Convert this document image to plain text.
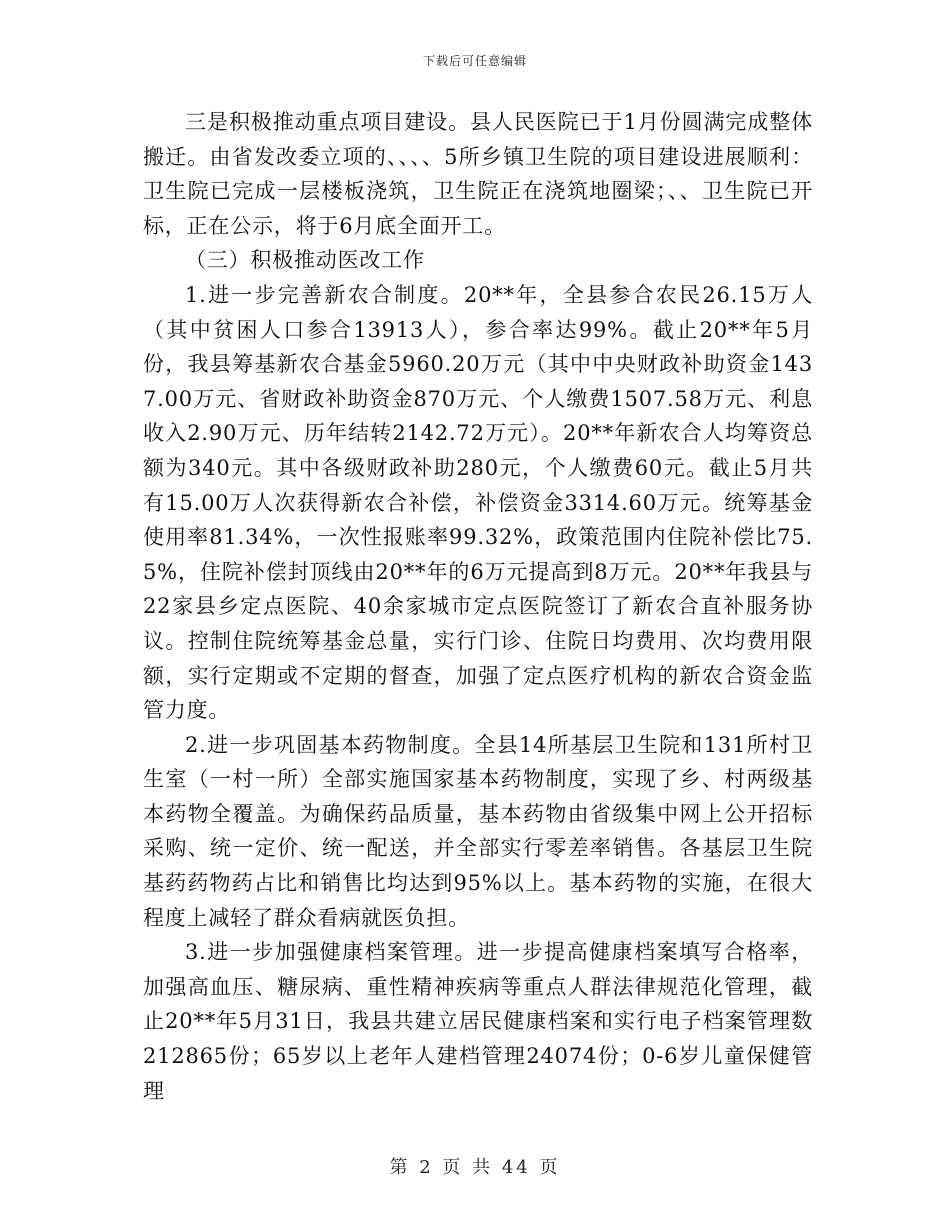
下载后可任意编辑

三是积极推动重点项目建设。县人民医院已于1月份圆满完成整体搬迁。由省发改委立项的、、、、5所乡镇卫生院的项目建设进展顺利：卫生院已完成一层楼板浇筑，卫生院正在浇筑地圈梁；、、卫生院已开标，正在公示，将于6月底全面开工。

（三）积极推动医改工作

1.进一步完善新农合制度。20**年，全县参合农民26.15万人（其中贫困人口参合13913人），参合率达99%。截止20**年5月份，我县筹基新农合基金5960.20万元（其中中央财政补助资金1437.00万元、省财政补助资金870万元、个人缴费1507.58万元、利息收入2.90万元、历年结转2142.72万元）。20**年新农合人均筹资总额为340元。其中各级财政补助280元，个人缴费60元。截止5月共有15.00万人次获得新农合补偿，补偿资金3314.60万元。统筹基金使用率81.34%，一次性报账率99.32%，政策范围内住院补偿比75.5%，住院补偿封顶线由20**年的6万元提高到8万元。20**年我县与22家县乡定点医院、40余家城市定点医院签订了新农合直补服务协议。控制住院统筹基金总量，实行门诊、住院日均费用、次均费用限额，实行定期或不定期的督查，加强了定点医疗机构的新农合资金监管力度。

2.进一步巩固基本药物制度。全县14所基层卫生院和131所村卫生室（一村一所）全部实施国家基本药物制度，实现了乡、村两级基本药物全覆盖。为确保药品质量，基本药物由省级集中网上公开招标采购、统一定价、统一配送，并全部实行零差率销售。各基层卫生院基药药物药占比和销售比均达到95%以上。基本药物的实施，在很大程度上减轻了群众看病就医负担。

3.进一步加强健康档案管理。进一步提高健康档案填写合格率，加强高血压、糖尿病、重性精神疾病等重点人群法律规范化管理，截止20**年5月31日，我县共建立居民健康档案和实行电子档案管理数212865份；65岁以上老年人建档管理24074份；0-6岁儿童保健管理

第 2 页 共 44 页
